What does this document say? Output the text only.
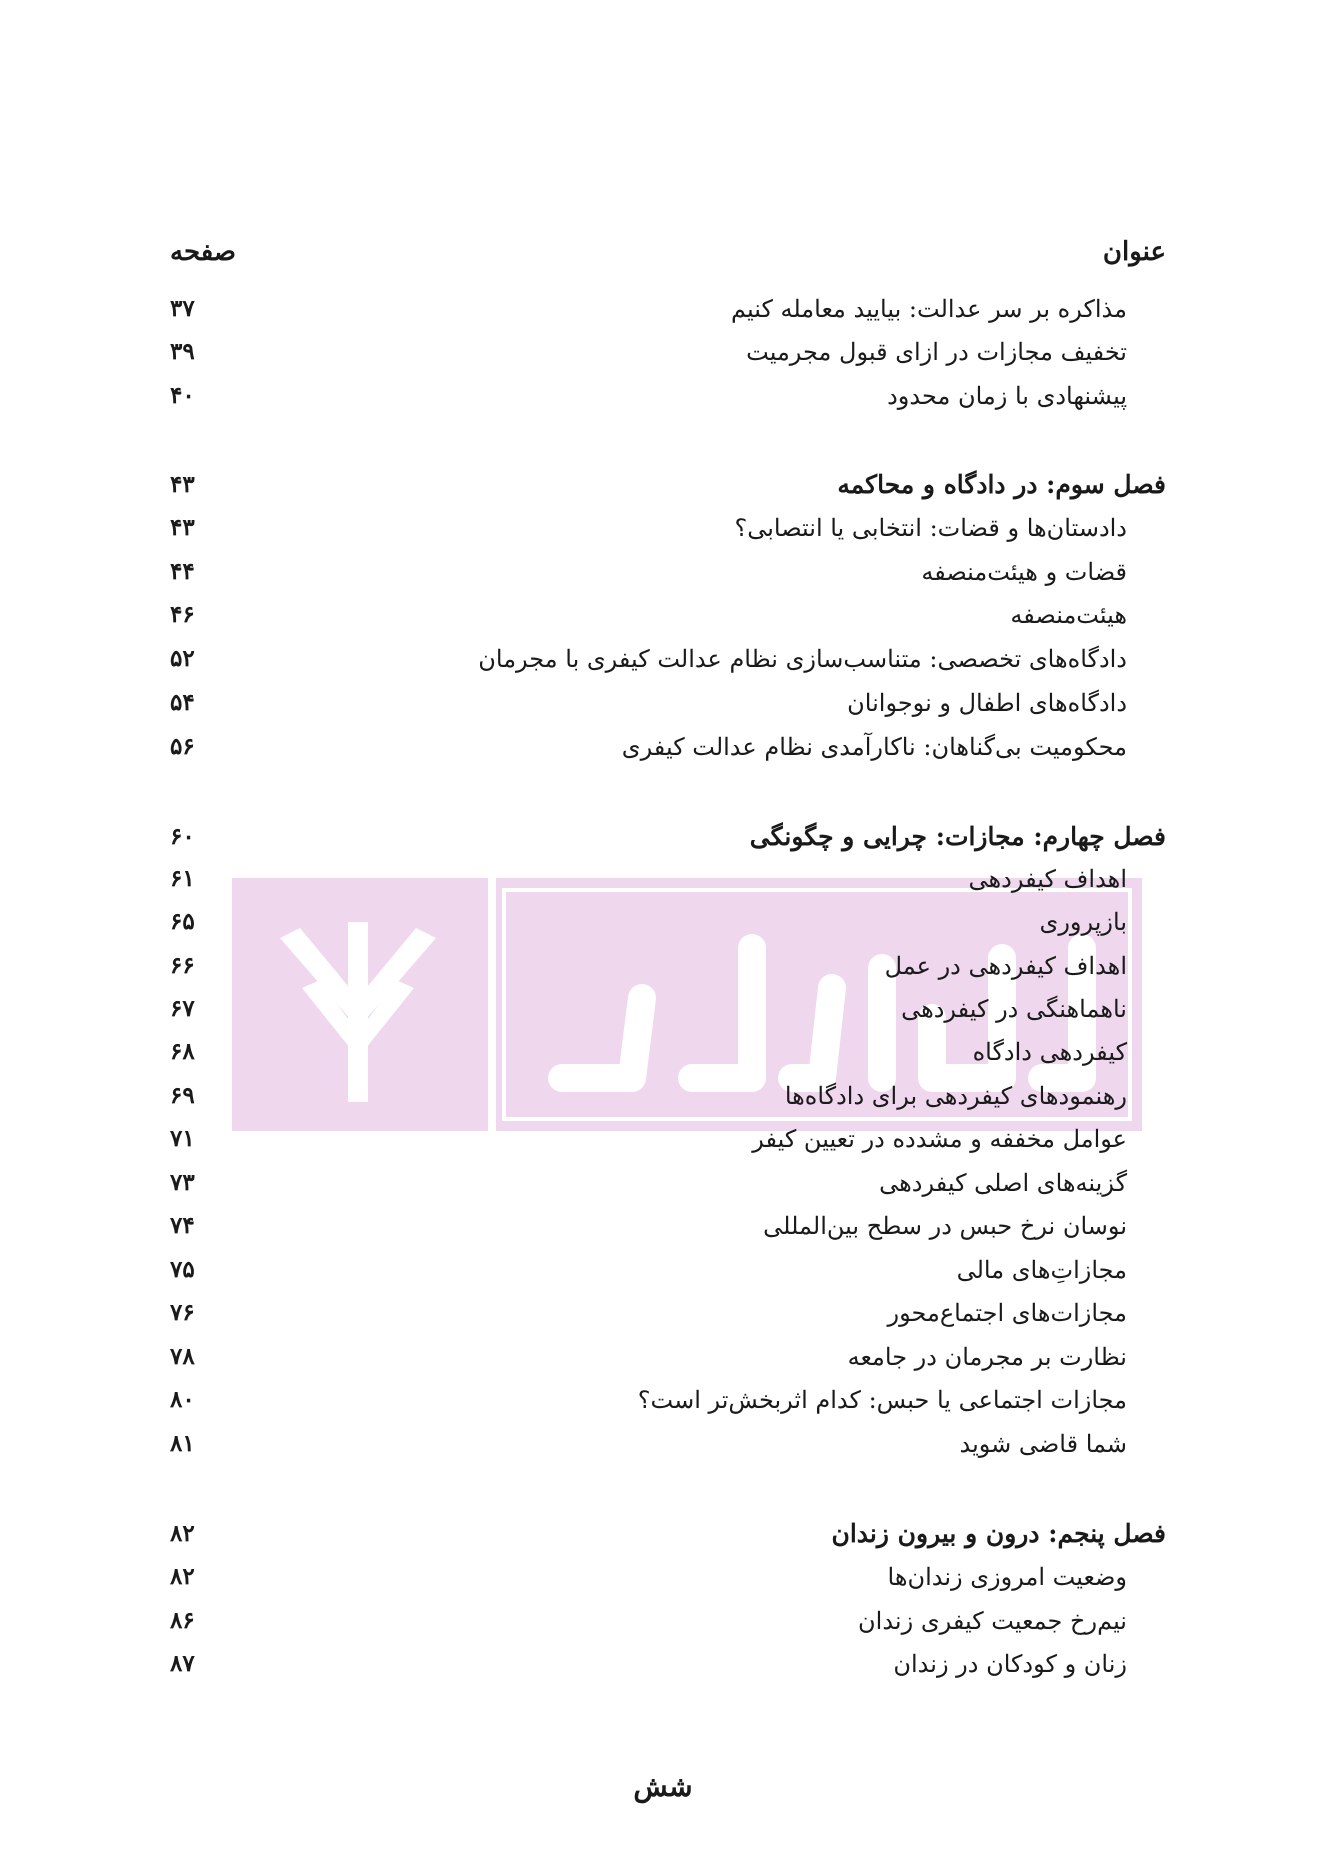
عنوان
صفحه
مذاکره بر سر عدالت: بیایید معامله کنیم
۳۷
تخفیف مجازات در ازای قبول مجرمیت
۳۹
پیشنهادی با زمان محدود
۴۰
فصل سوم: در دادگاه و محاکمه
۴۳
دادستان‌ها و قضات: انتخابی یا انتصابی؟
۴۳
قضات و هیئت‌منصفه
۴۴
هیئت‌منصفه
۴۶
دادگاه‌های تخصصی: متناسب‌سازی نظام عدالت کیفری با مجرمان
۵۲
دادگاه‌های اطفال و نوجوانان
۵۴
محکومیت بی‌گناهان: ناکارآمدی نظام عدالت کیفری
۵۶
فصل چهارم: مجازات: چرایی و چگونگی
۶۰
اهداف کیفردهی
۶۱
بازپروری
۶۵
اهداف کیفردهی در عمل
۶۶
ناهماهنگی در کیفردهی
۶۷
کیفردهی دادگاه
۶۸
رهنمودهای کیفردهی برای دادگاه‌ها
۶۹
عوامل مخففه و مشدده در تعیین کیفر
۷۱
گزینه‌های اصلی کیفردهی
۷۳
نوسان نرخ حبس در سطح بین‌المللی
۷۴
مجازاتِ‌های مالی
۷۵
مجازات‌های اجتماع‌محور
۷۶
نظارت بر مجرمان در جامعه
۷۸
مجازات اجتماعی یا حبس: کدام اثربخش‌تر است؟
۸۰
شما قاضی شوید
۸۱
فصل پنجم: درون و بیرون زندان
۸۲
وضعیت امروزی زندان‌ها
۸۲
نیم‌رخ جمعیت کیفری زندان
۸۶
زنان و کودکان در زندان
۸۷
شش
